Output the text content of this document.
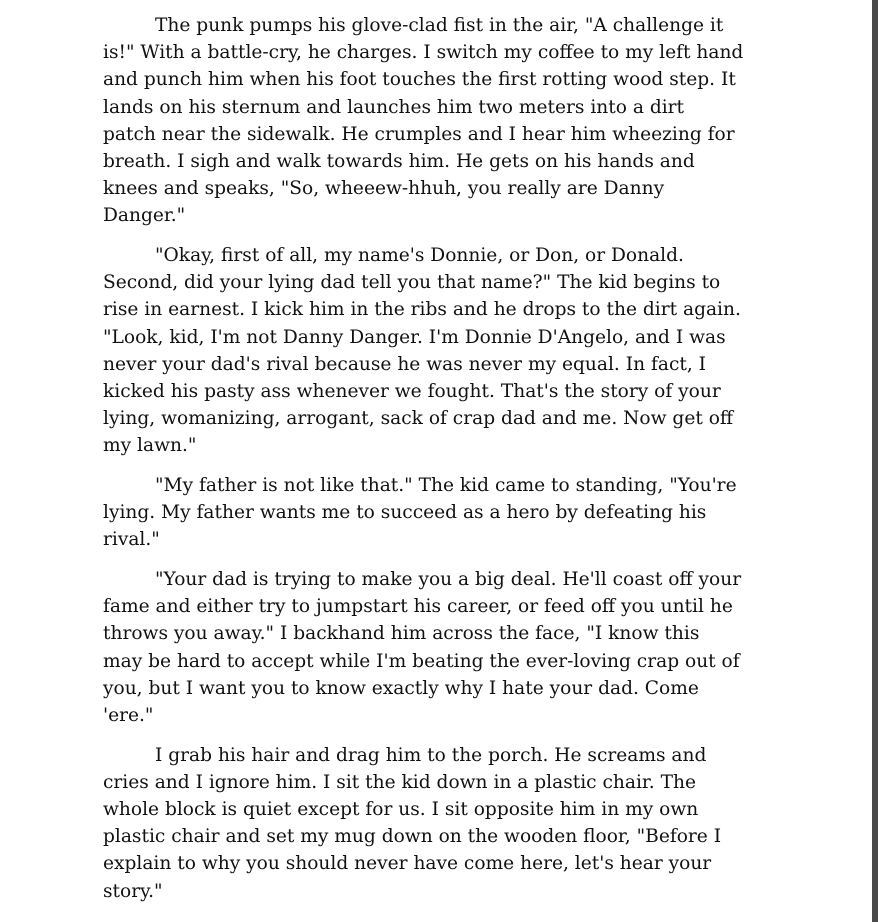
The punk pumps his glove-clad fist in the air, "A challenge it
is!" With a battle-cry, he charges. I switch my coffee to my left hand
and punch him when his foot touches the first rotting wood step. It
lands on his sternum and launches him two meters into a dirt
patch near the sidewalk. He crumples and I hear him wheezing for
breath. I sigh and walk towards him. He gets on his hands and
knees and speaks, "So, wheeew-hhuh, you really are Danny
Danger."

"Okay, first of all, my name's Donnie, or Don, or Donald.
Second, did your lying dad tell you that name?" The kid begins to
rise in earnest. I kick him in the ribs and he drops to the dirt again.
"Look, kid, I'm not Danny Danger. I'm Donnie D'Angelo, and I was
never your dad's rival because he was never my equal. In fact, I
kicked his pasty ass whenever we fought. That's the story of your
lying, womanizing, arrogant, sack of crap dad and me. Now get off
my lawn."

"My father is not like that." The kid came to standing, "You're
lying. My father wants me to succeed as a hero by defeating his
rival."

"Your dad is trying to make you a big deal. He'll coast off your
fame and either try to jumpstart his career, or feed off you until he
throws you away." I backhand him across the face, "I know this
may be hard to accept while I'm beating the ever-loving crap out of
you, but I want you to know exactly why I hate your dad. Come
'ere."

I grab his hair and drag him to the porch. He screams and
cries and I ignore him. I sit the kid down in a plastic chair. The
whole block is quiet except for us. I sit opposite him in my own
plastic chair and set my mug down on the wooden floor, "Before I
explain to why you should never have come here, let's hear your
story."
